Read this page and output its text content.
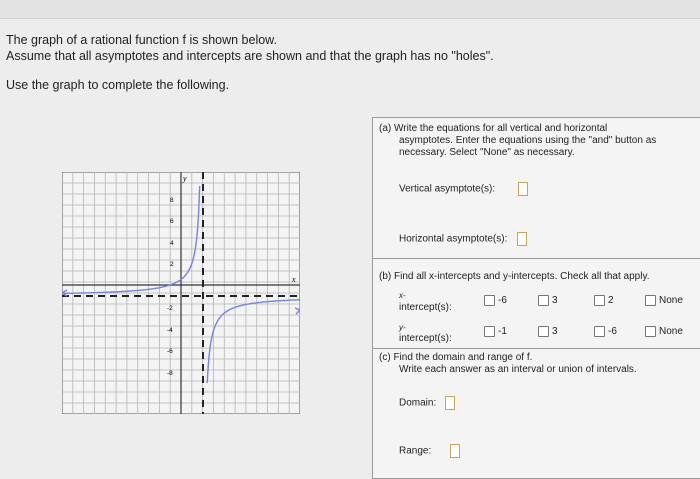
The graph of a rational function f is shown below.
Assume that all asymptotes and intercepts are shown and that the graph has no "holes".
Use the graph to complete the following.
x
y
8
6
4
2
-2
-4
-6
-8
(a) Write the equations for all vertical and horizontal
asymptotes. Enter the equations using the "and" button as
necessary. Select "None" as necessary.
Vertical asymptote(s):
Horizontal asymptote(s):
(b) Find all x-intercepts and y-intercepts. Check all that apply.
x-
intercept(s):
-6	3	2	None
y-
intercept(s):
-1	3	-6	None
(c) Find the domain and range of f.
Write each answer as an interval or union of intervals.
Domain:
Range:
